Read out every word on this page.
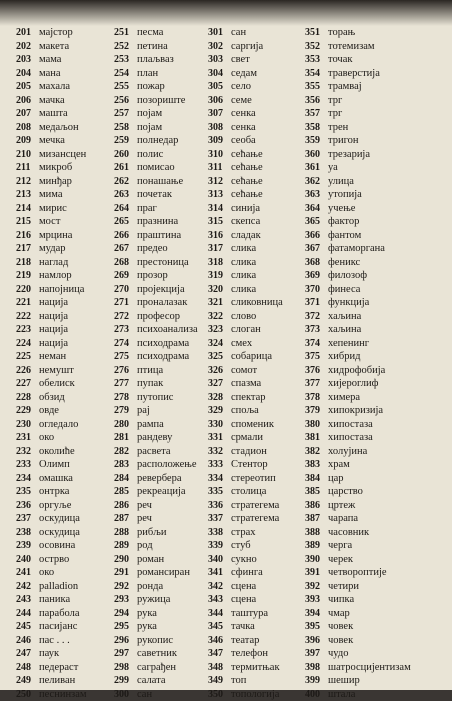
201 мајстор
202 макета
203 мама
204 мана
205 махала
206 мачка
207 машта
208 медаљон
209 мечка
210 мизансцен
211 микроб
212 минђар
213 мима
214 мирис
215 мост
216 мрцина
217 мудар
218 наглад
219 намлор
220 напојница
221 нација
222 нација
223 нација
224 нација
225 неман
226 немушт
227 обелиск
228 обзид
229 овде
230 огледало
231 око
232 околиће
233 Олимп
234 омашка
235 онтрка
236 оргуље
237 оскудица
238 оскудица
239 осовина
240 острво
241 око
242 palladion
243 паника
244 парабола
245 пасијанс
246 пас . . .
247 паук
248 педераст
249 пеливан
250 песнинзам
251 песма
252 петина
253 плаљваз
254 план
255 пожар
256 позориште
257 појам
258 појам
259 полнедар
260 полис
261 помисао
262 понашање
263 почетак
264 праг
265 празнина
266 праштина
267 предео
268 престоница
269 прозор
270 пројекција
271 проналазак
272 професор
273 психоанализа
274 психодрама
275 психодрама
276 птица
277 пупак
278 путопис
279 рај
280 рампа
281 рандеву
282 расвета
283 расположење
284 ревербера
285 рекреација
286 реч
287 реч
288 рибљи
289 род
290 роман
291 романсиран
292 ронда
293 ружица
294 рука
295 рука
296 рукопис
297 саветник
298 саграђен
299 салата
300 сан
301 сан
302 саргија
303 свет
304 седам
305 село
306 семе
307 сенка
308 сенка
309 сеоба
310 сећање
311 сећање
312 сећање
313 сећање
314 синија
315 скепса
316 сладак
317 слика
318 слика
319 слика
320 слика
321 сликовница
322 слово
323 слоган
324 смех
325 собарица
326 сомот
327 спазма
328 спектар
329 споља
330 споменик
331 срмали
332 стадион
333 Стентор
334 стереотип
335 столица
336 стратегема
337 стратегема
338 страх
339 стуб
340 сукно
341 сфинга
342 сцена
343 сцена
344 таштура
345 тачка
346 театар
347 телефон
348 термитњак
349 топ
350 топологија
351 торањ
352 тотемизам
353 точак
354 траверстија
355 трамвај
356 трг
357 трг
358 трен
359 тригон
360 трезарија
361 уа
362 улица
363 утопија
364 учење
365 фактор
366 фантом
367 фатаморгана
368 феникс
369 филозоф
370 финеса
371 функција
372 хаљина
373 хаљина
374 хепенинг
375 хибрид
376 хидрофобија
377 хијероглиф
378 химера
379 хипокризија
380 хипостаза
381 хипостаза
382 холујина
383 храм
384 цар
385 царство
386 цртеж
387 чарапа
388 часовник
389 черга
390 черек
391 четвороптије
392 четири
393 чипка
394 чмар
395 човек
396 човек
397 чудо
398 шатросцијентизам
399 шешир
400 штала
